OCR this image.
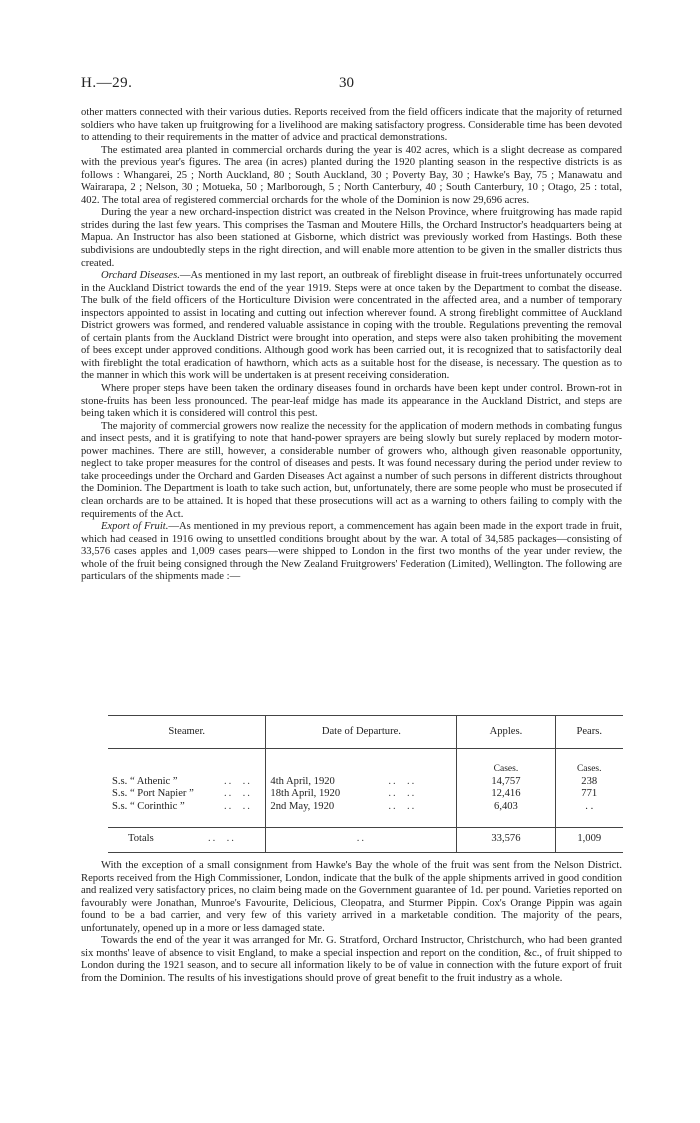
H.—29.	30

other matters connected with their various duties. Reports received from the field officers indicate that the majority of returned soldiers who have taken up fruitgrowing for a livelihood are making satisfactory progress. Considerable time has been devoted to attending to their requirements in the matter of advice and practical demonstrations.

The estimated area planted in commercial orchards during the year is 402 acres, which is a slight decrease as compared with the previous year's figures. The area (in acres) planted during the 1920 planting season in the respective districts is as follows : Whangarei, 25 ; North Auckland, 80 ; South Auckland, 30 ; Poverty Bay, 30 ; Hawke's Bay, 75 ; Manawatu and Wairarapa, 2 ; Nelson, 30 ; Motueka, 50 ; Marlborough, 5 ; North Canterbury, 40 ; South Canterbury, 10 ; Otago, 25 : total, 402. The total area of registered commercial orchards for the whole of the Dominion is now 29,696 acres.

During the year a new orchard-inspection district was created in the Nelson Province, where fruitgrowing has made rapid strides during the last few years. This comprises the Tasman and Moutere Hills, the Orchard Instructor's headquarters being at Mapua. An Instructor has also been stationed at Gisborne, which district was previously worked from Hastings. Both these subdivisions are undoubtedly steps in the right direction, and will enable more attention to be given in the smaller districts thus created.

Orchard Diseases.—As mentioned in my last report, an outbreak of fireblight disease in fruit-trees unfortunately occurred in the Auckland District towards the end of the year 1919. Steps were at once taken by the Department to combat the disease. The bulk of the field officers of the Horticulture Division were concentrated in the affected area, and a number of temporary inspectors appointed to assist in locating and cutting out infection wherever found. A strong fireblight committee of Auckland District growers was formed, and rendered valuable assistance in coping with the trouble. Regulations preventing the removal of certain plants from the Auckland District were brought into operation, and steps were also taken prohibiting the movement of bees except under approved conditions. Although good work has been carried out, it is recognized that to satisfactorily deal with fireblight the total eradication of hawthorn, which acts as a suitable host for the disease, is necessary. The question as to the manner in which this work will be undertaken is at present receiving consideration.

Where proper steps have been taken the ordinary diseases found in orchards have been kept under control. Brown-rot in stone-fruits has been less pronounced. The pear-leaf midge has made its appearance in the Auckland District, and steps are being taken which it is considered will control this pest.

The majority of commercial growers now realize the necessity for the application of modern methods in combating fungus and insect pests, and it is gratifying to note that hand-power sprayers are being slowly but surely replaced by modern motor-power machines. There are still, however, a considerable number of growers who, although given reasonable opportunity, neglect to take proper measures for the control of diseases and pests. It was found necessary during the period under review to take proceedings under the Orchard and Garden Diseases Act against a number of such persons in different districts throughout the Dominion. The Department is loath to take such action, but, unfortunately, there are some people who must be prosecuted if clean orchards are to be attained. It is hoped that these prosecutions will act as a warning to others failing to comply with the requirements of the Act.

Export of Fruit.—As mentioned in my previous report, a commencement has again been made in the export trade in fruit, which had ceased in 1916 owing to unsettled conditions brought about by the war. A total of 34,585 packages—consisting of 33,576 cases apples and 1,009 cases pears—were shipped to London in the first two months of the year under review, the whole of the fruit being consigned through the New Zealand Fruitgrowers' Federation (Limited), Wellington. The following are particulars of the shipments made :—

Steamer.	Date of Departure.	Apples.	Pears.
		Cases.	Cases.
S.s. “ Athenic ” ..  ..	4th April, 1920 ..  ..	14,757	238
S.s. “ Port Napier ” ..  ..	18th April, 1920 ..  ..	12,416	771
S.s. “ Corinthic ” ..  ..	2nd May, 1920 ..  ..	6,403	. .
Totals ..  ..	..	33,576	1,009

With the exception of a small consignment from Hawke's Bay the whole of the fruit was sent from the Nelson District. Reports received from the High Commissioner, London, indicate that the bulk of the apple shipments arrived in good condition and realized very satisfactory prices, no claim being made on the Government guarantee of 1d. per pound. Varieties reported on favourably were Jonathan, Munroe's Favourite, Delicious, Cleopatra, and Sturmer Pippin. Cox's Orange Pippin was again found to be a bad carrier, and very few of this variety arrived in a marketable condition. The majority of the pears, unfortunately, opened up in a more or less damaged state.

Towards the end of the year it was arranged for Mr. G. Stratford, Orchard Instructor, Christchurch, who had been granted six months' leave of absence to visit England, to make a special inspection and report on the condition, &c., of fruit shipped to London during the 1921 season, and to secure all information likely to be of value in connection with the future export of fruit from the Dominion. The results of his investigations should prove of great benefit to the fruit industry as a whole.
